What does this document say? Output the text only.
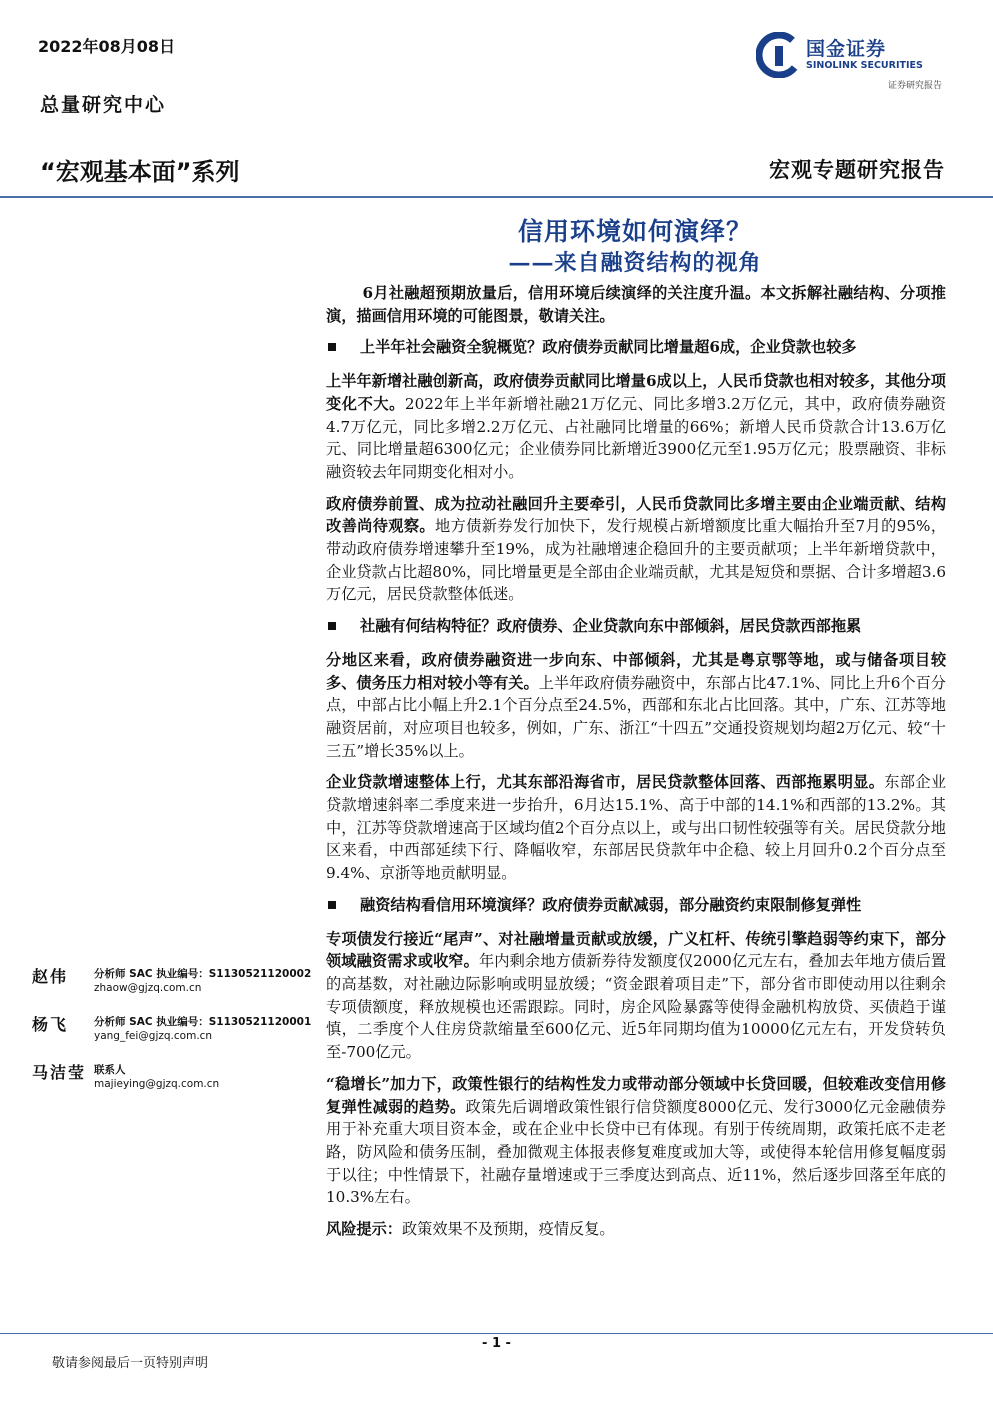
2022年08月08日
总量研究中心
“宏观基本面”系列	宏观专题研究报告
国金证券
SINOLINK SECURITIES
证券研究报告
信用环境如何演绎？
——来自融资结构的视角

6月社融超预期放量后，信用环境后续演绎的关注度升温。本文拆解社融结构、分项推演，描画信用环境的可能图景，敬请关注。

上半年社会融资全貌概览？政府债券贡献同比增量超6成，企业贷款也较多

上半年新增社融创新高，政府债券贡献同比增量6成以上，人民币贷款也相对较多，其他分项变化不大。2022年上半年新增社融21万亿元、同比多增3.2万亿元，其中，政府债券融资4.7万亿元，同比多增2.2万亿元、占社融同比增量的66%；新增人民币贷款合计13.6万亿元、同比增量超6300亿元；企业债券同比新增近3900亿元至1.95万亿元；股票融资、非标融资较去年同期变化相对小。

政府债券前置、成为拉动社融回升主要牵引，人民币贷款同比多增主要由企业端贡献、结构改善尚待观察。地方债新券发行加快下，发行规模占新增额度比重大幅抬升至7月的95%，带动政府债券增速攀升至19%，成为社融增速企稳回升的主要贡献项；上半年新增贷款中，企业贷款占比超80%，同比增量更是全部由企业端贡献，尤其是短贷和票据、合计多增超3.6万亿元，居民贷款整体低迷。

社融有何结构特征？政府债券、企业贷款向东中部倾斜，居民贷款西部拖累

分地区来看，政府债券融资进一步向东、中部倾斜，尤其是粤京鄂等地，或与储备项目较多、债务压力相对较小等有关。上半年政府债券融资中，东部占比47.1%、同比上升6个百分点，中部占比小幅上升2.1个百分点至24.5%，西部和东北占比回落。其中，广东、江苏等地融资居前，对应项目也较多，例如，广东、浙江“十四五”交通投资规划均超2万亿元、较“十三五”增长35%以上。

企业贷款增速整体上行，尤其东部沿海省市，居民贷款整体回落、西部拖累明显。东部企业贷款增速斜率二季度来进一步抬升，6月达15.1%、高于中部的14.1%和西部的13.2%。其中，江苏等贷款增速高于区域均值2个百分点以上，或与出口韧性较强等有关。居民贷款分地区来看，中西部延续下行、降幅收窄，东部居民贷款年中企稳、较上月回升0.2个百分点至9.4%、京浙等地贡献明显。

融资结构看信用环境演绎？政府债券贡献减弱，部分融资约束限制修复弹性

专项债发行接近“尾声”、对社融增量贡献或放缓，广义杠杆、传统引擎趋弱等约束下，部分领域融资需求或收窄。年内剩余地方债新券待发额度仅2000亿元左右，叠加去年地方债后置的高基数，对社融边际影响或明显放缓；“资金跟着项目走”下，部分省市即使动用以往剩余专项债额度，释放规模也还需跟踪。同时，房企风险暴露等使得金融机构放贷、买债趋于谨慎，二季度个人住房贷款缩量至600亿元、近5年同期均值为10000亿元左右，开发贷转负至-700亿元。

“稳增长”加力下，政策性银行的结构性发力或带动部分领域中长贷回暖，但较难改变信用修复弹性减弱的趋势。政策先后调增政策性银行信贷额度8000亿元、发行3000亿元金融债券用于补充重大项目资本金，或在企业中长贷中已有体现。有别于传统周期，政策托底不走老路，防风险和债务压制，叠加微观主体报表修复难度或加大等，或使得本轮信用修复幅度弱于以往；中性情景下，社融存量增速或于三季度达到高点、近11%，然后逐步回落至年底的10.3%左右。

风险提示：政策效果不及预期，疫情反复。

赵伟 分析师 SAC 执业编号：S1130521120002
zhaow@gjzq.com.cn
杨飞 分析师 SAC 执业编号：S1130521120001
yang_fei@gjzq.com.cn
马洁莹 联系人
majieying@gjzq.com.cn
- 1 -
敬请参阅最后一页特别声明
